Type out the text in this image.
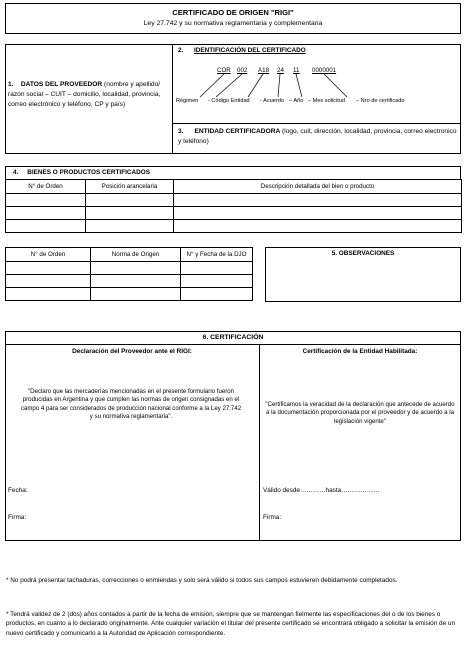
CERTIFICADO DE ORIGEN "RIGI"
Ley 27.742 y su normativa reglamentaria y complementaria
1. DATOS DEL PROVEEDOR (nombre y apellido/ razón social – CUIT – domicilio, localidad, provincia, correo electrónico y teléfono, CP y país)
2. IDENTIFICACIÓN DEL CERTIFICADO
COR 002 A18 24 11 0000001
Régimen - Código Entidad - Acuerdo – Año – Mes solicitud – Nro de certificado
3. ENTIDAD CERTIFICADORA (logo, cuit, dirección, localidad, provincia, correo electronico y teléfono)
4. BIENES O PRODUCTOS CERTIFICADOS
N° de Orden	Posición arancelaria	Descripción detallada del bien o producto

N° de Orden	Norma de Origen	N° y Fecha de la DJO

			5. OBSERVACIONES
6. CERTIFICACIÓN
Declaración del Proveedor ante el RIGI:
"Declaro que las mercaderías mencionadas en el presente formulario fueron producidas en Argentina y que cumplen las normas de origen consignadas en el campo 4 para ser considerados de producción nacional conforme a la Ley 27.742 y su normativa reglamentaria".
Fecha:
Firma:
Certificación de la Entidad Habilitada:
"Certificamos la veracidad de la declaración que antecede de acuerdo a la documentación proporcionada por el proveedor y de acuerdo a la legislación vigente"
Válido desde…………hasta………………
Firma:
* No podrá presentar tachaduras, correcciones o enmiendas y solo será válido si todos sus campos estuvieren debidamente completados.
* Tendrá validez de 2 (dos) años contados a partir de la fecha de emisión, siempre que se mantengan fielmente las especificaciones del o de los bienes o productos, en cuanto a lo declarado originalmente. Ante cualquier variación el titular del presente certificado se encontrará obligado a solicitar la emisión de un nuevo certificado y comunicarlo a la Autoridad de Aplicación correspondiente.
